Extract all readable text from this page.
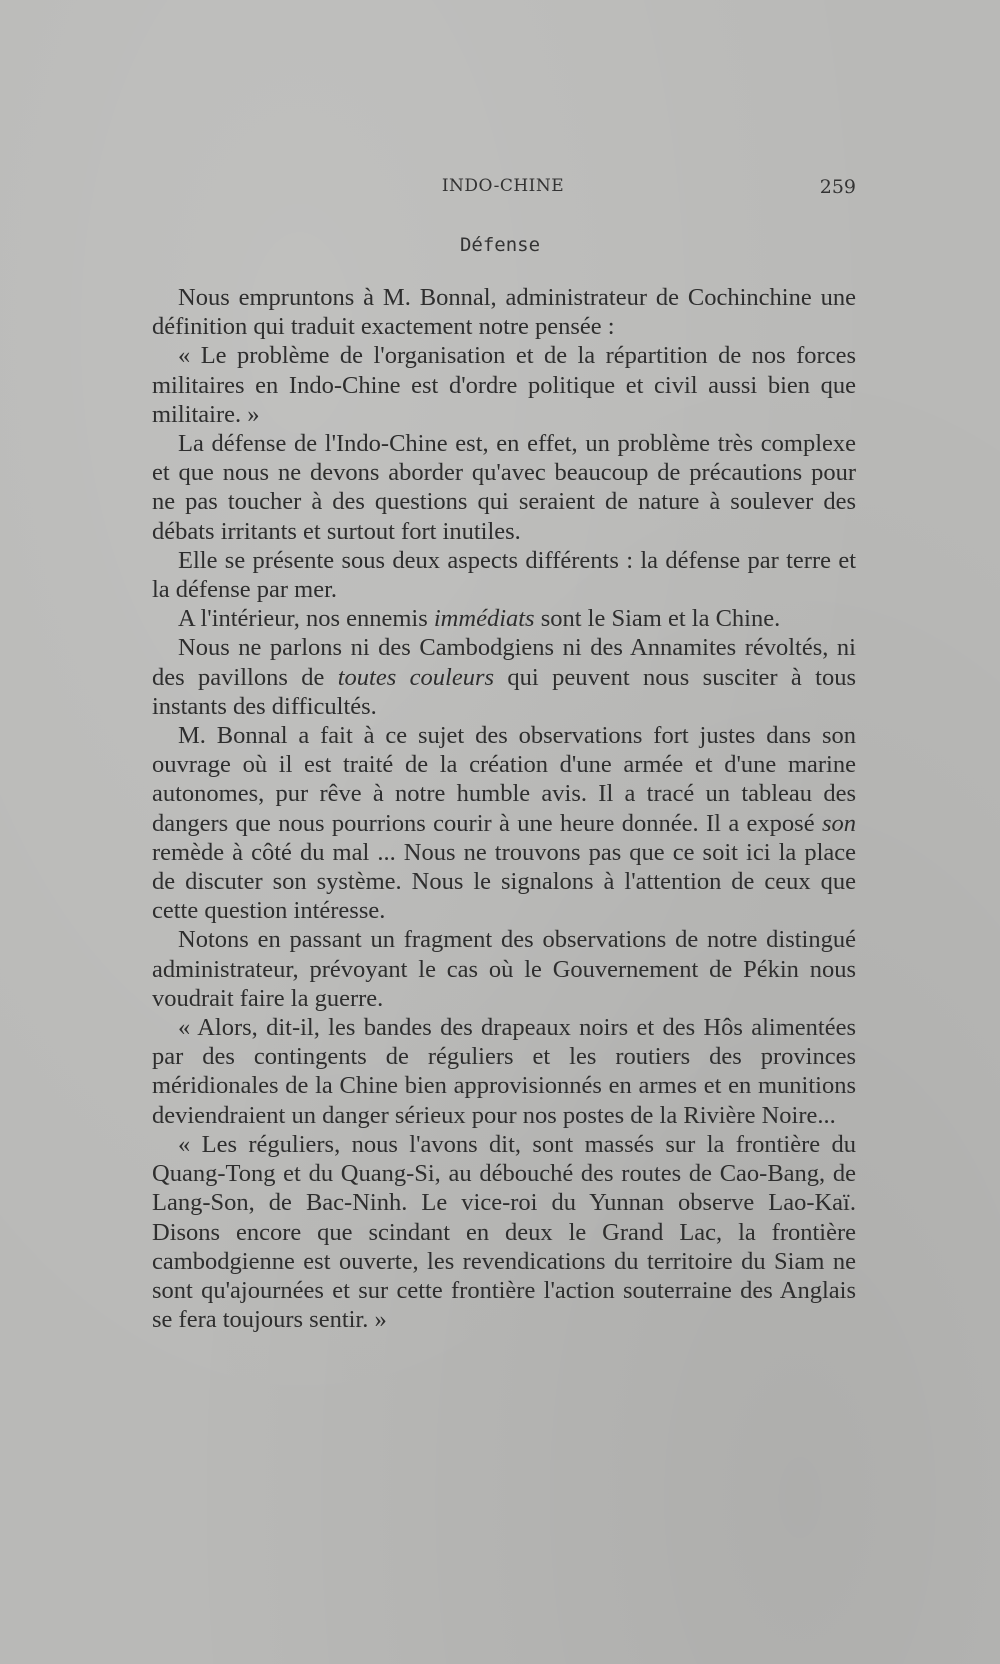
INDO-CHINE	259
Défense

Nous empruntons à M. Bonnal, administrateur de Cochinchine une définition qui traduit exactement notre pensée :

« Le problème de l'organisation et de la répartition de nos forces militaires en Indo-Chine est d'ordre politique et civil aussi bien que militaire. »

La défense de l'Indo-Chine est, en effet, un problème très complexe et que nous ne devons aborder qu'avec beaucoup de précautions pour ne pas toucher à des questions qui seraient de nature à soulever des débats irritants et surtout fort inutiles.

Elle se présente sous deux aspects différents : la défense par terre et la défense par mer.

A l'intérieur, nos ennemis immédiats sont le Siam et la Chine.

Nous ne parlons ni des Cambodgiens ni des Annamites révoltés, ni des pavillons de toutes couleurs qui peuvent nous susciter à tous instants des difficultés.

M. Bonnal a fait à ce sujet des observations fort justes dans son ouvrage où il est traité de la création d'une armée et d'une marine autonomes, pur rêve à notre humble avis. Il a tracé un tableau des dangers que nous pourrions courir à une heure donnée. Il a exposé son remède à côté du mal ... Nous ne trouvons pas que ce soit ici la place de discuter son système. Nous le signalons à l'attention de ceux que cette question intéresse.

Notons en passant un fragment des observations de notre distingué administrateur, prévoyant le cas où le Gouvernement de Pékin nous voudrait faire la guerre.

« Alors, dit-il, les bandes des drapeaux noirs et des Hôs alimentées par des contingents de réguliers et les routiers des provinces méridionales de la Chine bien approvisionnés en armes et en munitions deviendraient un danger sérieux pour nos postes de la Rivière Noire...

« Les réguliers, nous l'avons dit, sont massés sur la frontière du Quang-Tong et du Quang-Si, au débouché des routes de Cao-Bang, de Lang-Son, de Bac-Ninh. Le vice-roi du Yunnan observe Lao-Kaï. Disons encore que scindant en deux le Grand Lac, la frontière cambodgienne est ouverte, les revendications du territoire du Siam ne sont qu'ajournées et sur cette frontière l'action souterraine des Anglais se fera toujours sentir. »
